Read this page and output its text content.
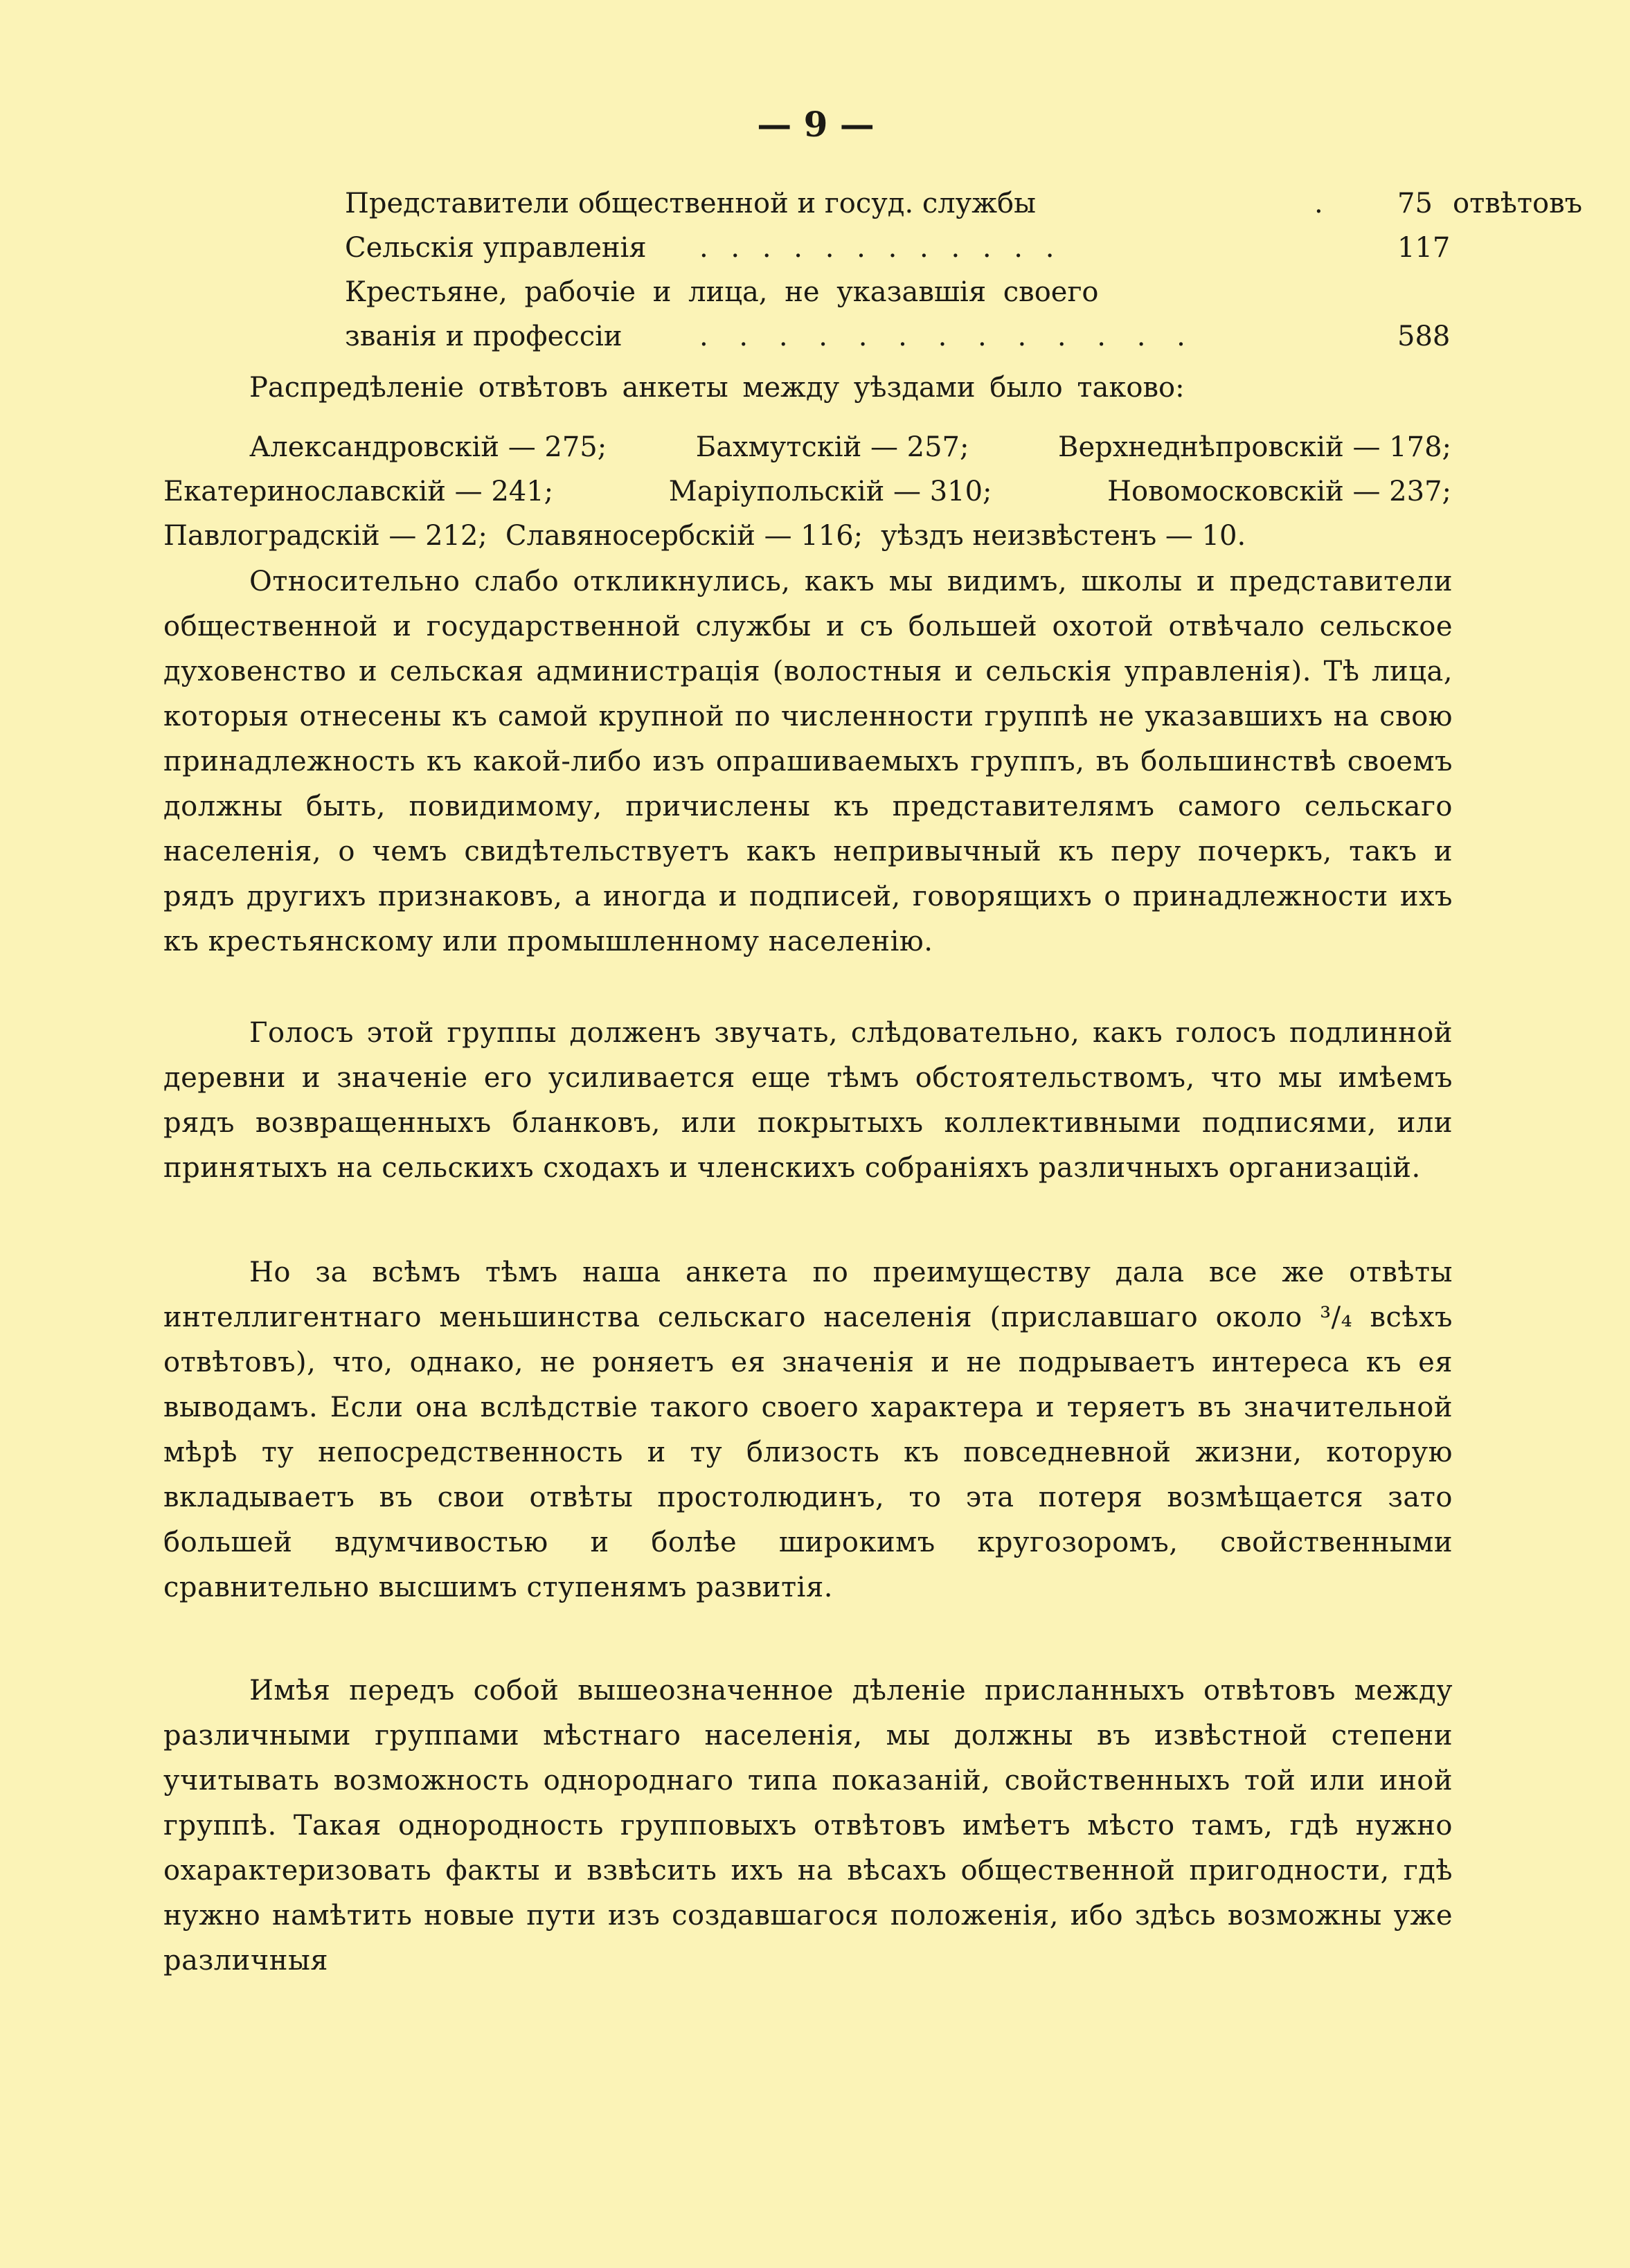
— 9 —
Представители общественной и госуд. службы	. 75 отвѣтовъ
Сельскія управленія . . . . . . . . . . . .	117
Крестьяне, рабочіе и лица, не указавшія своего
званія и профессіи	. . . . . . . . . . . . .	588
Распредѣленіе отвѣтовъ анкеты между уѣздами было таково:
Александровскій — 275;	Бахмутскій — 257;	Верхнеднѣпровскій — 178;
Екатеринославскій — 241;	Маріупольскій — 310;	Новомосковскій — 237;
Павлоградскій — 212; Славяносербскій — 116; уѣздъ неизвѣстенъ — 10.

Относительно слабо откликнулись, какъ мы видимъ, школы и представители общественной и государственной службы и съ большей охотой отвѣчало сельское духовенство и сельская администрація (волостныя и сельскія управленія). Тѣ лица, которыя отнесены къ самой крупной по численности группѣ не указавшихъ на свою принадлежность къ какой-либо изъ опрашиваемыхъ группъ, въ большинствѣ своемъ должны быть, повидимому, причислены къ представителямъ самого сельскаго населенія, о чемъ свидѣтельствуетъ какъ непривычный къ перу почеркъ, такъ и рядъ другихъ признаковъ, а иногда и подписей, говорящихъ о принадлежности ихъ къ крестьянскому или промышленному населенію.

Голосъ этой группы долженъ звучать, слѣдовательно, какъ голосъ подлинной деревни и значеніе его усиливается еще тѣмъ обстоятельствомъ, что мы имѣемъ рядъ возвращенныхъ бланковъ, или покрытыхъ коллективными подписями, или принятыхъ на сельскихъ сходахъ и членскихъ собраніяхъ различныхъ организацій.

Но за всѣмъ тѣмъ наша анкета по преимуществу дала все же отвѣты интеллигентнаго меньшинства сельскаго населенія (приславшаго около ³/₄ всѣхъ отвѣтовъ), что, однако, не роняетъ ея значенія и не подрываетъ интереса къ ея выводамъ. Если она вслѣдствіе такого своего характера и теряетъ въ значительной мѣрѣ ту непосредственность и ту близость къ повседневной жизни, которую вкладываетъ въ свои отвѣты простолюдинъ, то эта потеря возмѣщается зато большей вдумчивостью и болѣе широкимъ кругозоромъ, свойственными сравнительно высшимъ ступенямъ развитія.

Имѣя передъ собой вышеозначенное дѣленіе присланныхъ отвѣтовъ между различными группами мѣстнаго населенія, мы должны въ извѣстной степени учитывать возможность однороднаго типа показаній, свойственныхъ той или иной группѣ. Такая однородность групповыхъ отвѣтовъ имѣетъ мѣсто тамъ, гдѣ нужно охарактеризовать факты и взвѣсить ихъ на вѣсахъ общественной пригодности, гдѣ нужно намѣтить новые пути изъ создавшагося положенія, ибо здѣсь возможны уже различныя
